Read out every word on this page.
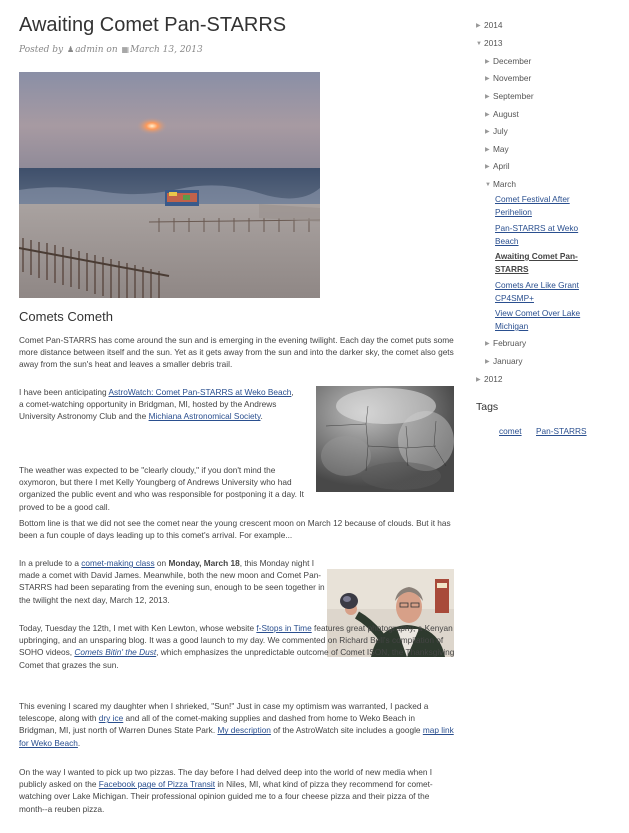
Awaiting Comet Pan-STARRS
Posted by ♟admin on ▦March 13, 2013
Comets Cometh

Comet Pan-STARRS has come around the sun and is emerging in the evening twilight. Each day the comet puts some more distance between itself and the sun. Yet as it gets away from the sun and into the darker sky, the comet also gets away from the sun's heat and leaves a smaller debris trail.

I have been anticipating AstroWatch: Comet Pan-STARRS at Weko Beach, a comet-watching opportunity in Bridgman, MI, hosted by the Andrews University Astronomy Club and the Michiana Astronomical Society.

The weather was expected to be "clearly cloudy," if you don't mind the oxymoron, but there I met Kelly Youngberg of Andrews University who had organized the public event and who was responsible for postponing it a day. It proved to be a good call.

Bottom line is that we did not see the comet near the young crescent moon on March 12 because of clouds. But it has been a fun couple of days leading up to this comet's arrival. For example...

In a prelude to a comet-making class on Monday, March 18, this Monday night I made a comet with David James. Meanwhile, both the new moon and Comet Pan-STARRS had been separating from the evening sun, enough to be seen together in the twilight the next day, March 12, 2013.

Today, Tuesday the 12th, I met with Ken Lewton, whose website f-Stops in Time features great photography, a Kenyan upbringing, and an unsparing blog. It was a good launch to my day. We commented on Richard Bell's compilation of SOHO videos, Comets Bitin' the Dust, which emphasizes the unpredictable outcome of Comet ISON, the Thanksgiving Comet that grazes the sun.

This evening I scared my daughter when I shrieked, "Sun!" Just in case my optimism was warranted, I packed a telescope, along with dry ice and all of the comet-making supplies and dashed from home to Weko Beach in Bridgman, MI, just north of Warren Dunes State Park. My description of the AstroWatch site includes a google map link for Weko Beach.

On the way I wanted to pick up two pizzas. The day before I had delved deep into the world of new media when I publicly asked on the Facebook page of Pizza Transit in Niles, MI, what kind of pizza they recommend for comet-watching over Lake Michigan. Their professional opinion guided me to a four cheese pizza and their pizza of the month--a reuben pizza.

▶ 2014
▼ 2013
▶ December
▶ November
▶ September
▶ August
▶ July
▶ May
▶ April
▼ March
Comet Festival After Perihelion
Pan-STARRS at Weko Beach
Awaiting Comet Pan-STARRS
Comets Are Like Grant CP4SMP+
View Comet Over Lake Michigan
▶ February
▶ January
▶ 2012
Tags
comet Pan-STARRS
